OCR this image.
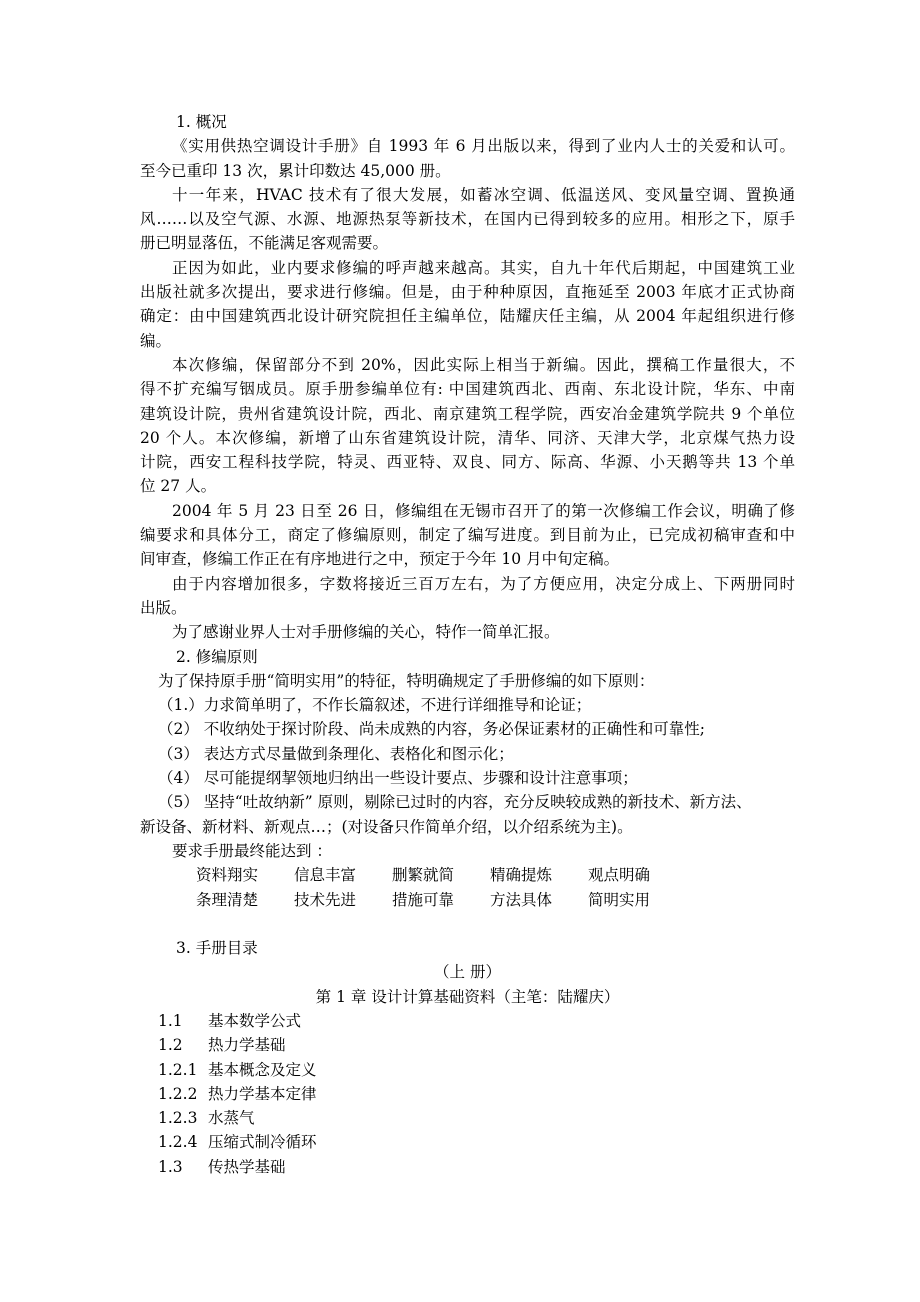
1. 概况
《实用供热空调设计手册》自 1993 年 6 月出版以来，得到了业内人士的关爱和认可。
至今已重印 13 次，累计印数达 45,000 册。
十一年来，HVAC 技术有了很大发展，如蓄冰空调、低温送风、变风量空调、置换通
风……以及空气源、水源、地源热泵等新技术，在国内已得到较多的应用。相形之下，原手
册已明显落伍，不能满足客观需要。
正因为如此，业内要求修编的呼声越来越高。其实，自九十年代后期起，中国建筑工业
出版社就多次提出，要求进行修编。但是，由于种种原因，直拖延至 2003 年底才正式协商
确定：由中国建筑西北设计研究院担任主编单位，陆耀庆任主编，从 2004 年起组织进行修
编。
本次修编，保留部分不到 20%，因此实际上相当于新编。因此，撰稿工作量很大，不
得不扩充编写铟成员。原手册参编单位有: 中国建筑西北、西南、东北设计院，华东、中南
建筑设计院，贵州省建筑设计院，西北、南京建筑工程学院，西安冶金建筑学院共 9 个单位
20 个人。本次修编，新增了山东省建筑设计院，清华、同济、天津大学，北京煤气热力设
计院，西安工程科技学院，特灵、西亚特、双良、同方、际高、华源、小天鹅等共 13 个单
位 27 人。
2004 年 5 月 23 日至 26 日，修编组在无锡市召开了的第一次修编工作会议，明确了修
编要求和具体分工，商定了修编原则，制定了编写进度。到目前为止，已完成初稿审查和中
间审查，修编工作正在有序地进行之中，预定于今年 10 月中旬定稿。
由于内容增加很多，字数将接近三百万左右，为了方便应用，决定分成上、下两册同时
出版。
为了感谢业界人士对手册修编的关心，特作一简单汇报。
2. 修编原则
为了保持原手册“简明实用”的特征，特明确规定了手册修编的如下原则：
（1.）力求简单明了，不作长篇叙述，不进行详细推导和论证；
（2） 不收纳处于探讨阶段、尚未成熟的内容，务必保证素材的正确性和可靠性;
（3） 表达方式尽量做到条理化、表格化和图示化；
（4） 尽可能提纲挈领地归纳出一些设计要点、步骤和设计注意事项；
（5） 坚持“吐故纳新” 原则，剔除已过时的内容，充分反映较成熟的新技术、新方法、
新设备、新材料、新观点…；(对设备只作简单介绍，以介绍系统为主)。
要求手册最终能达到 ：
资料翔实 信息丰富 删繁就简 精确提炼 观点明确
条理清楚 技术先进 措施可靠 方法具体 简明实用
3. 手册目录
（上 册）
第 1 章 设计计算基础资料（主笔：陆耀庆）
1.1 基本数学公式
1.2 热力学基础
1.2.1 基本概念及定义
1.2.2 热力学基本定律
1.2.3 水蒸气
1.2.4 压缩式制冷循环
1.3 传热学基础
